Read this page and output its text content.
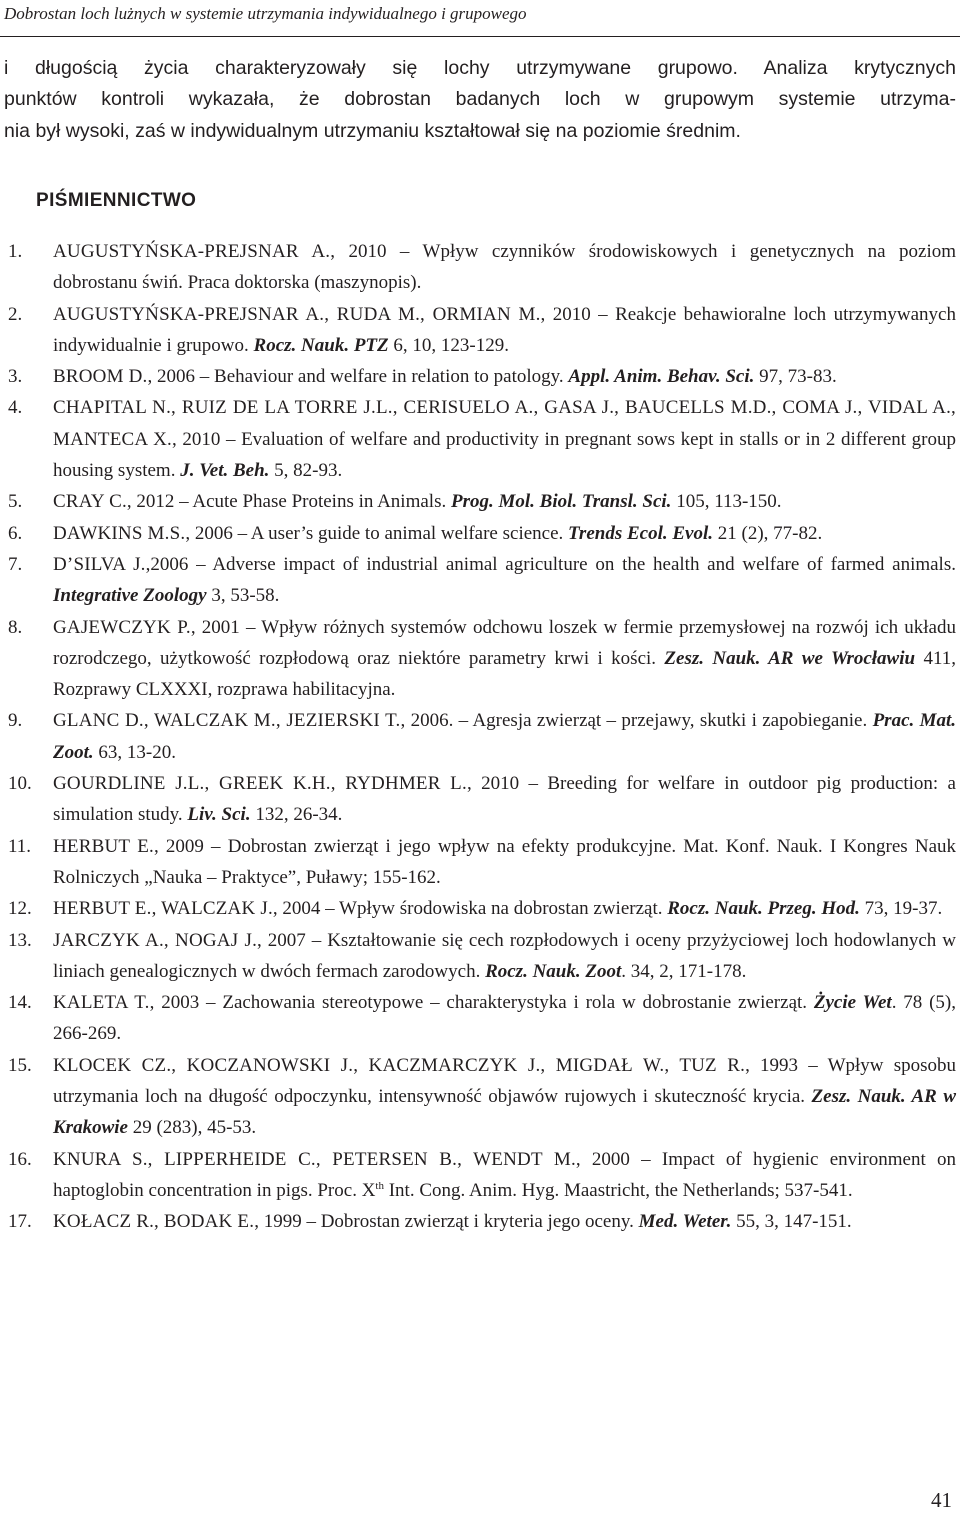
Dobrostan loch lużnych w systemie utrzymania indywidualnego i grupowego
i długością życia charakteryzowały się lochy utrzymywane grupowo. Analiza krytycznych
punktów kontroli wykazała, że dobrostan badanych loch w grupowym systemie utrzyma-
nia był wysoki, zaś w indywidualnym utrzymaniu kształtował się na poziomie średnim.
PIŚMIENNICTWO
1. AUGUSTYŃSKA-PREJSNAR A., 2010 – Wpływ czynników środowiskowych i genetycznych na poziom dobrostanu świń. Praca doktorska (maszynopis).
2. AUGUSTYŃSKA-PREJSNAR A., RUDA M., ORMIAN M., 2010 – Reakcje behawioralne loch utrzymywanych indywidualnie i grupowo. Rocz. Nauk. PTZ 6, 10, 123-129.
3. BROOM D., 2006 – Behaviour and welfare in relation to patology. Appl. Anim. Behav. Sci. 97, 73-83.
4. CHAPITAL N., RUIZ DE LA TORRE J.L., CERISUELO A., GASA J., BAUCELLS M.D., COMA J., VIDAL A., MANTECA X., 2010 – Evaluation of welfare and productivity in pregnant sows kept in stalls or in 2 different group housing system. J. Vet. Beh. 5, 82-93.
5. CRAY C., 2012 – Acute Phase Proteins in Animals. Prog. Mol. Biol. Transl. Sci. 105, 113-150.
6. DAWKINS M.S., 2006 – A user’s guide to animal welfare science. Trends Ecol. Evol. 21 (2), 77-82.
7. D’SILVA J.,2006 – Adverse impact of industrial animal agriculture on the health and welfare of farmed animals. Integrative Zoology 3, 53-58.
8. GAJEWCZYK P., 2001 – Wpływ różnych systemów odchowu loszek w fermie przemysłowej na rozwój ich układu rozrodczego, użytkowość rozpłodową oraz niektóre parametry krwi i kości. Zesz. Nauk. AR we Wrocławiu 411, Rozprawy CLXXXI, rozprawa habilitacyjna.
9. GLANC D., WALCZAK M., JEZIERSKI T., 2006. – Agresja zwierząt – przejawy, skutki i zapobieganie. Prac. Mat. Zoot. 63, 13-20.
10. GOURDLINE J.L., GREEK K.H., RYDHMER L., 2010 – Breeding for welfare in outdoor pig production: a simulation study. Liv. Sci. 132, 26-34.
11. HERBUT E., 2009 – Dobrostan zwierząt i jego wpływ na efekty produkcyjne. Mat. Konf. Nauk. I Kongres Nauk Rolniczych „Nauka – Praktyce”, Puławy; 155-162.
12. HERBUT E., WALCZAK J., 2004 – Wpływ środowiska na dobrostan zwierząt. Rocz. Nauk. Przeg. Hod. 73, 19-37.
13. JARCZYK A., NOGAJ J., 2007 – Kształtowanie się cech rozpłodowych i oceny przyżyciowej loch hodowlanych w liniach genealogicznych w dwóch fermach zarodowych. Rocz. Nauk. Zoot. 34, 2, 171-178.
14. KALETA T., 2003 – Zachowania stereotypowe – charakterystyka i rola w dobrostanie zwierząt. Życie Wet. 78 (5), 266-269.
15. KLOCEK CZ., KOCZANOWSKI J., KACZMARCZYK J., MIGDAŁ W., TUZ R., 1993 – Wpływ sposobu utrzymania loch na długość odpoczynku, intensywność objawów rujowych i skuteczność krycia. Zesz. Nauk. AR w Krakowie 29 (283), 45-53.
16. KNURA S., LIPPERHEIDE C., PETERSEN B., WENDT M., 2000 – Impact of hygienic environment on haptoglobin concentration in pigs. Proc. Xth Int. Cong. Anim. Hyg. Maastricht, the Netherlands; 537-541.
17. KOŁACZ R., BODAK E., 1999 – Dobrostan zwierząt i kryteria jego oceny. Med. Weter. 55, 3, 147-151.
41
